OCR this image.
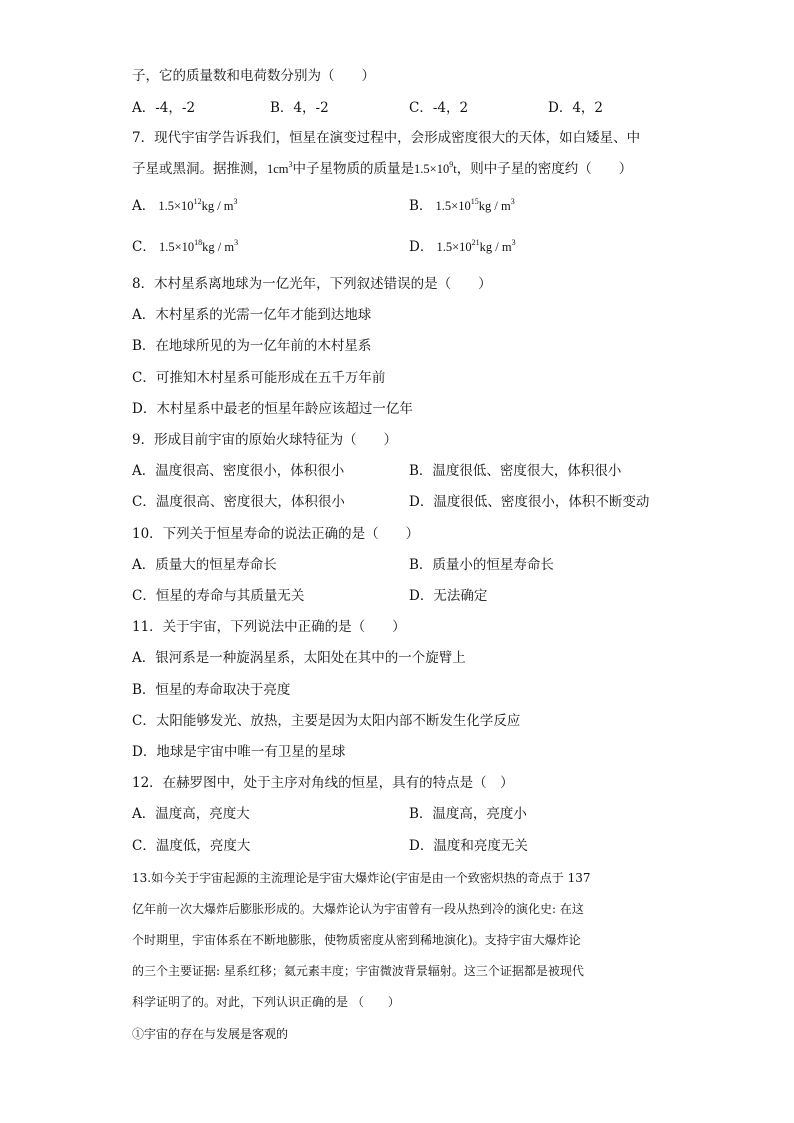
子，它的质量数和电荷数分别为（　　）
A．-4，-2	B．4，-2	C．-4，2	D．4，2
7．现代宇宙学告诉我们，恒星在演变过程中，会形成密度很大的天体，如白矮星、中
子星或黑洞。据推测，$1cm^3$中子星物质的质量是$1.5\times 10^9t$，则中子星的密度约（　　）
A． $1.5\times 10^{12}kg / m^3$	B． $1.5\times 10^{15}kg / m^3$
C． $1.5\times 10^{18}kg / m^3$	D． $1.5\times 10^{21}kg / m^3$
8．木村星系离地球为一亿光年，下列叙述错误的是（　　）
A．木村星系的光需一亿年才能到达地球
B．在地球所见的为一亿年前的木村星系
C．可推知木村星系可能形成在五千万年前
D．木村星系中最老的恒星年龄应该超过一亿年
9．形成目前宇宙的原始火球特征为（　　）
A．温度很高、密度很小，体积很小	B．温度很低、密度很大，体积很小
C．温度很高、密度很大，体积很小	D．温度很低、密度很小，体积不断变动
10．下列关于恒星寿命的说法正确的是（　　）
A．质量大的恒星寿命长	B．质量小的恒星寿命长
C．恒星的寿命与其质量无关	D．无法确定
11．关于宇宙，下列说法中正确的是（　　）
A．银河系是一种旋涡星系，太阳处在其中的一个旋臂上
B．恒星的寿命取决于亮度
C．太阳能够发光、放热，主要是因为太阳内部不断发生化学反应
D．地球是宇宙中唯一有卫星的星球
12．在赫罗图中，处于主序对角线的恒星，具有的特点是（　）
A．温度高，亮度大	B．温度高，亮度小
C．温度低，亮度大	D．温度和亮度无关
13.如今关于宇宙起源的主流理论是宇宙大爆炸论(宇宙是由一个致密炽热的奇点于 137
亿年前一次大爆炸后膨胀形成的。大爆炸论认为宇宙曾有一段从热到冷的演化史: 在这
个时期里，宇宙体系在不断地膨胀，使物质密度从密到稀地演化)。支持宇宙大爆炸论
的三个主要证据: 星系红移；氦元素丰度；宇宙微波背景辐射。这三个证据都是被现代
科学证明了的。对此，下列认识正确的是 （　　）
①宇宙的存在与发展是客观的
